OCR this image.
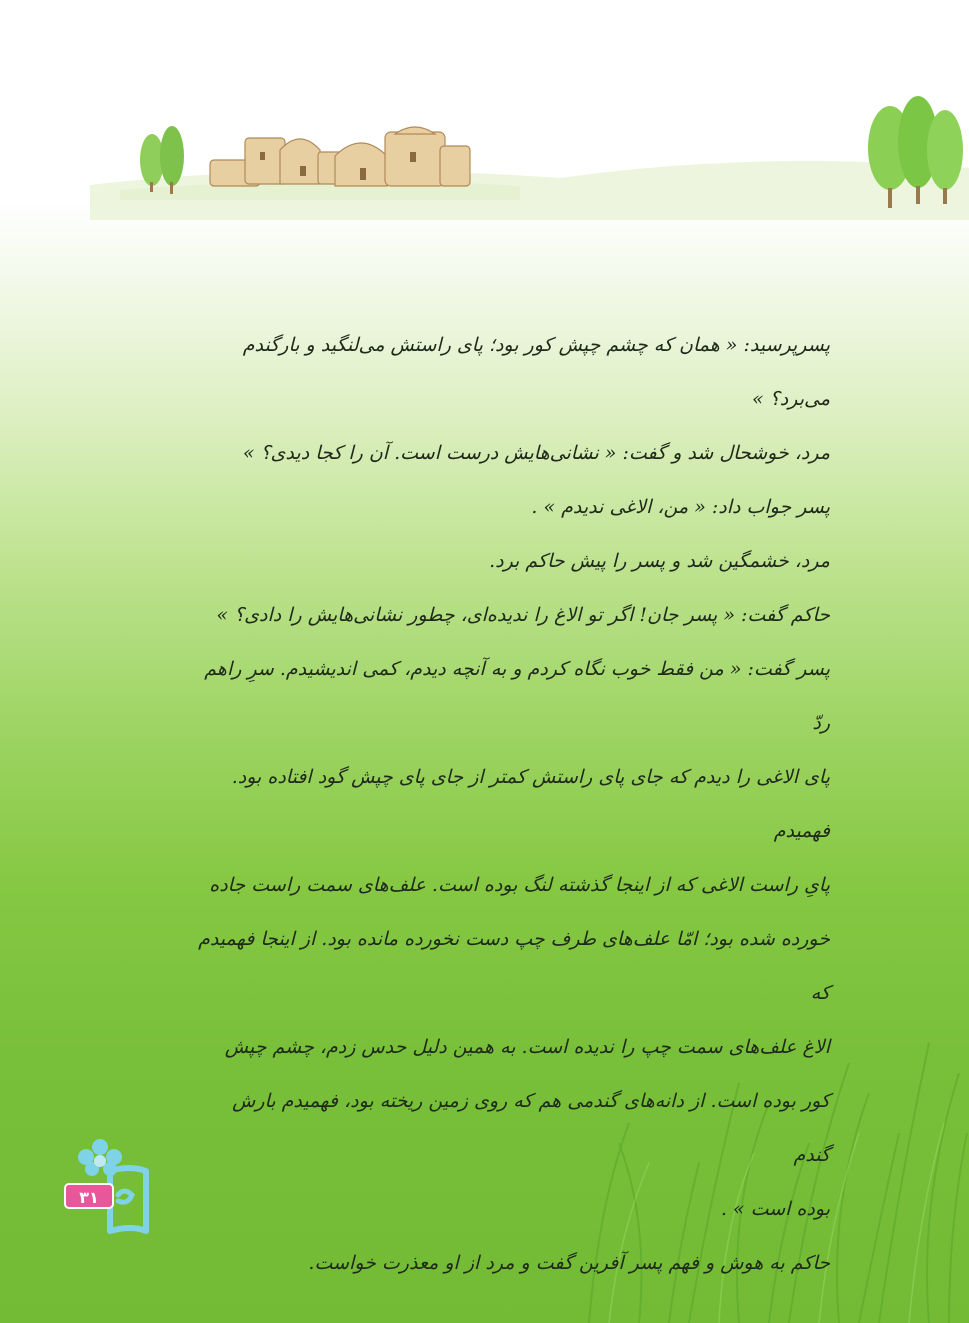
پسرپرسید: « همان که چشم چپش کور بود؛ پای راستش می‌لنگید و بارگندم می‌برد؟ »

مرد، خوشحال شد و گفت: « نشانی‌هایش درست است. آن را کجا دیدی؟ »

پسر جواب داد: « من، الاغی ندیدم » .

مرد، خشمگین شد و پسر را پیش حاکم برد.

حاکم گفت: « پسر جان! اگر تو الاغ را ندیده‌ای، چطور نشانی‌هایش را دادی؟ »

پسر گفت: « من فقط خوب نگاه کردم و به آنچه دیدم، کمی اندیشیدم. سرِ راهم ردّ

پای الاغی را دیدم که جای پای راستش کمتر از جای پای چپش گود افتاده بود. فهمیدم

پایِ راست الاغی که از اینجا گذشته لنگ بوده است. علف‌های سمت راست جاده

خورده شده بود؛ امّا علف‌های طرف چپ دست نخورده مانده بود. از اینجا فهمیدم که

الاغ علف‌های سمت چپ را ندیده است. به همین دلیل حدس زدم، چشم چپش

کور بوده است. از دانه‌های گندمی هم که روی زمین ریخته بود، فهمیدم بارش گندم

بوده است » .

حاکم به هوش و فهم پسر آفرین گفت و مرد از او معذرت خواست.

۳۱
